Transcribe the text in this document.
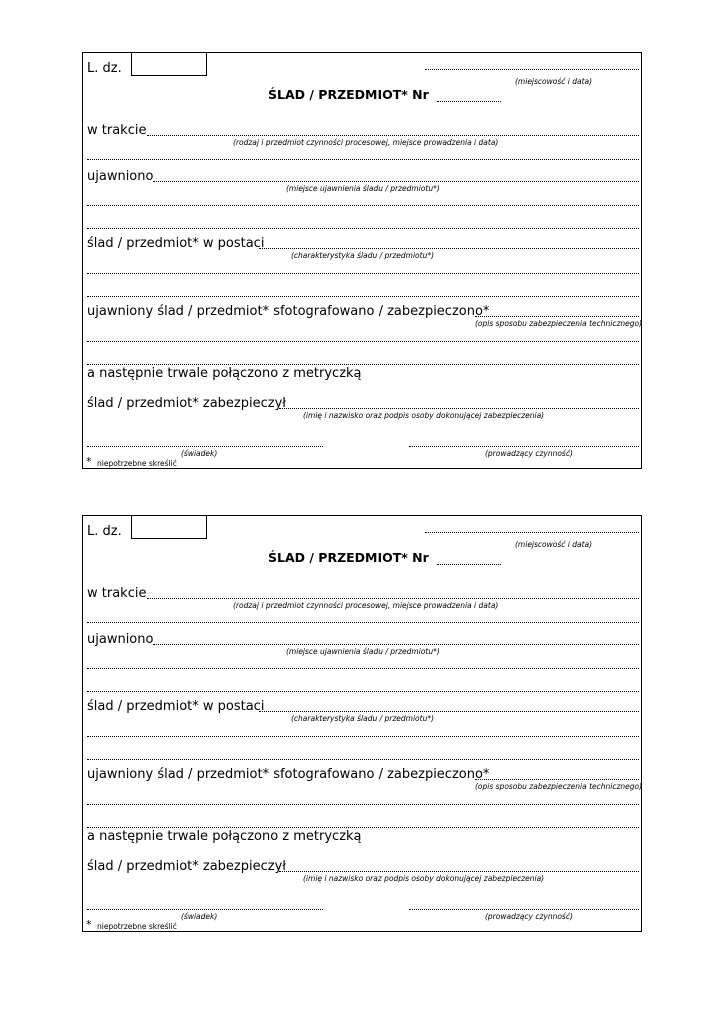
L. dz.
(miejscowość i data)
ŚLAD / PRZEDMIOT* Nr
w trakcie
(rodzaj i przedmiot czynności procesowej, miejsce prowadzenia i data)
ujawniono
(miejsce ujawnienia śladu / przedmiotu*)
ślad / przedmiot* w postaci
(charakterystyka śladu / przedmiotu*)
ujawniony ślad / przedmiot* sfotografowano / zabezpieczono*
(opis sposobu zabezpieczenia technicznego)
a następnie trwale połączono z metryczką
ślad / przedmiot* zabezpieczył
(imię i nazwisko oraz podpis osoby dokonującej zabezpieczenia)
(świadek)	(prowadzący czynność)
* niepotrzebne skreślić
L. dz.
(miejscowość i data)
ŚLAD / PRZEDMIOT* Nr
w trakcie
(rodzaj i przedmiot czynności procesowej, miejsce prowadzenia i data)
ujawniono
(miejsce ujawnienia śladu / przedmiotu*)
ślad / przedmiot* w postaci
(charakterystyka śladu / przedmiotu*)
ujawniony ślad / przedmiot* sfotografowano / zabezpieczono*
(opis sposobu zabezpieczenia technicznego)
a następnie trwale połączono z metryczką
ślad / przedmiot* zabezpieczył
(imię i nazwisko oraz podpis osoby dokonującej zabezpieczenia)
(świadek)	(prowadzący czynność)
* niepotrzebne skreślić
